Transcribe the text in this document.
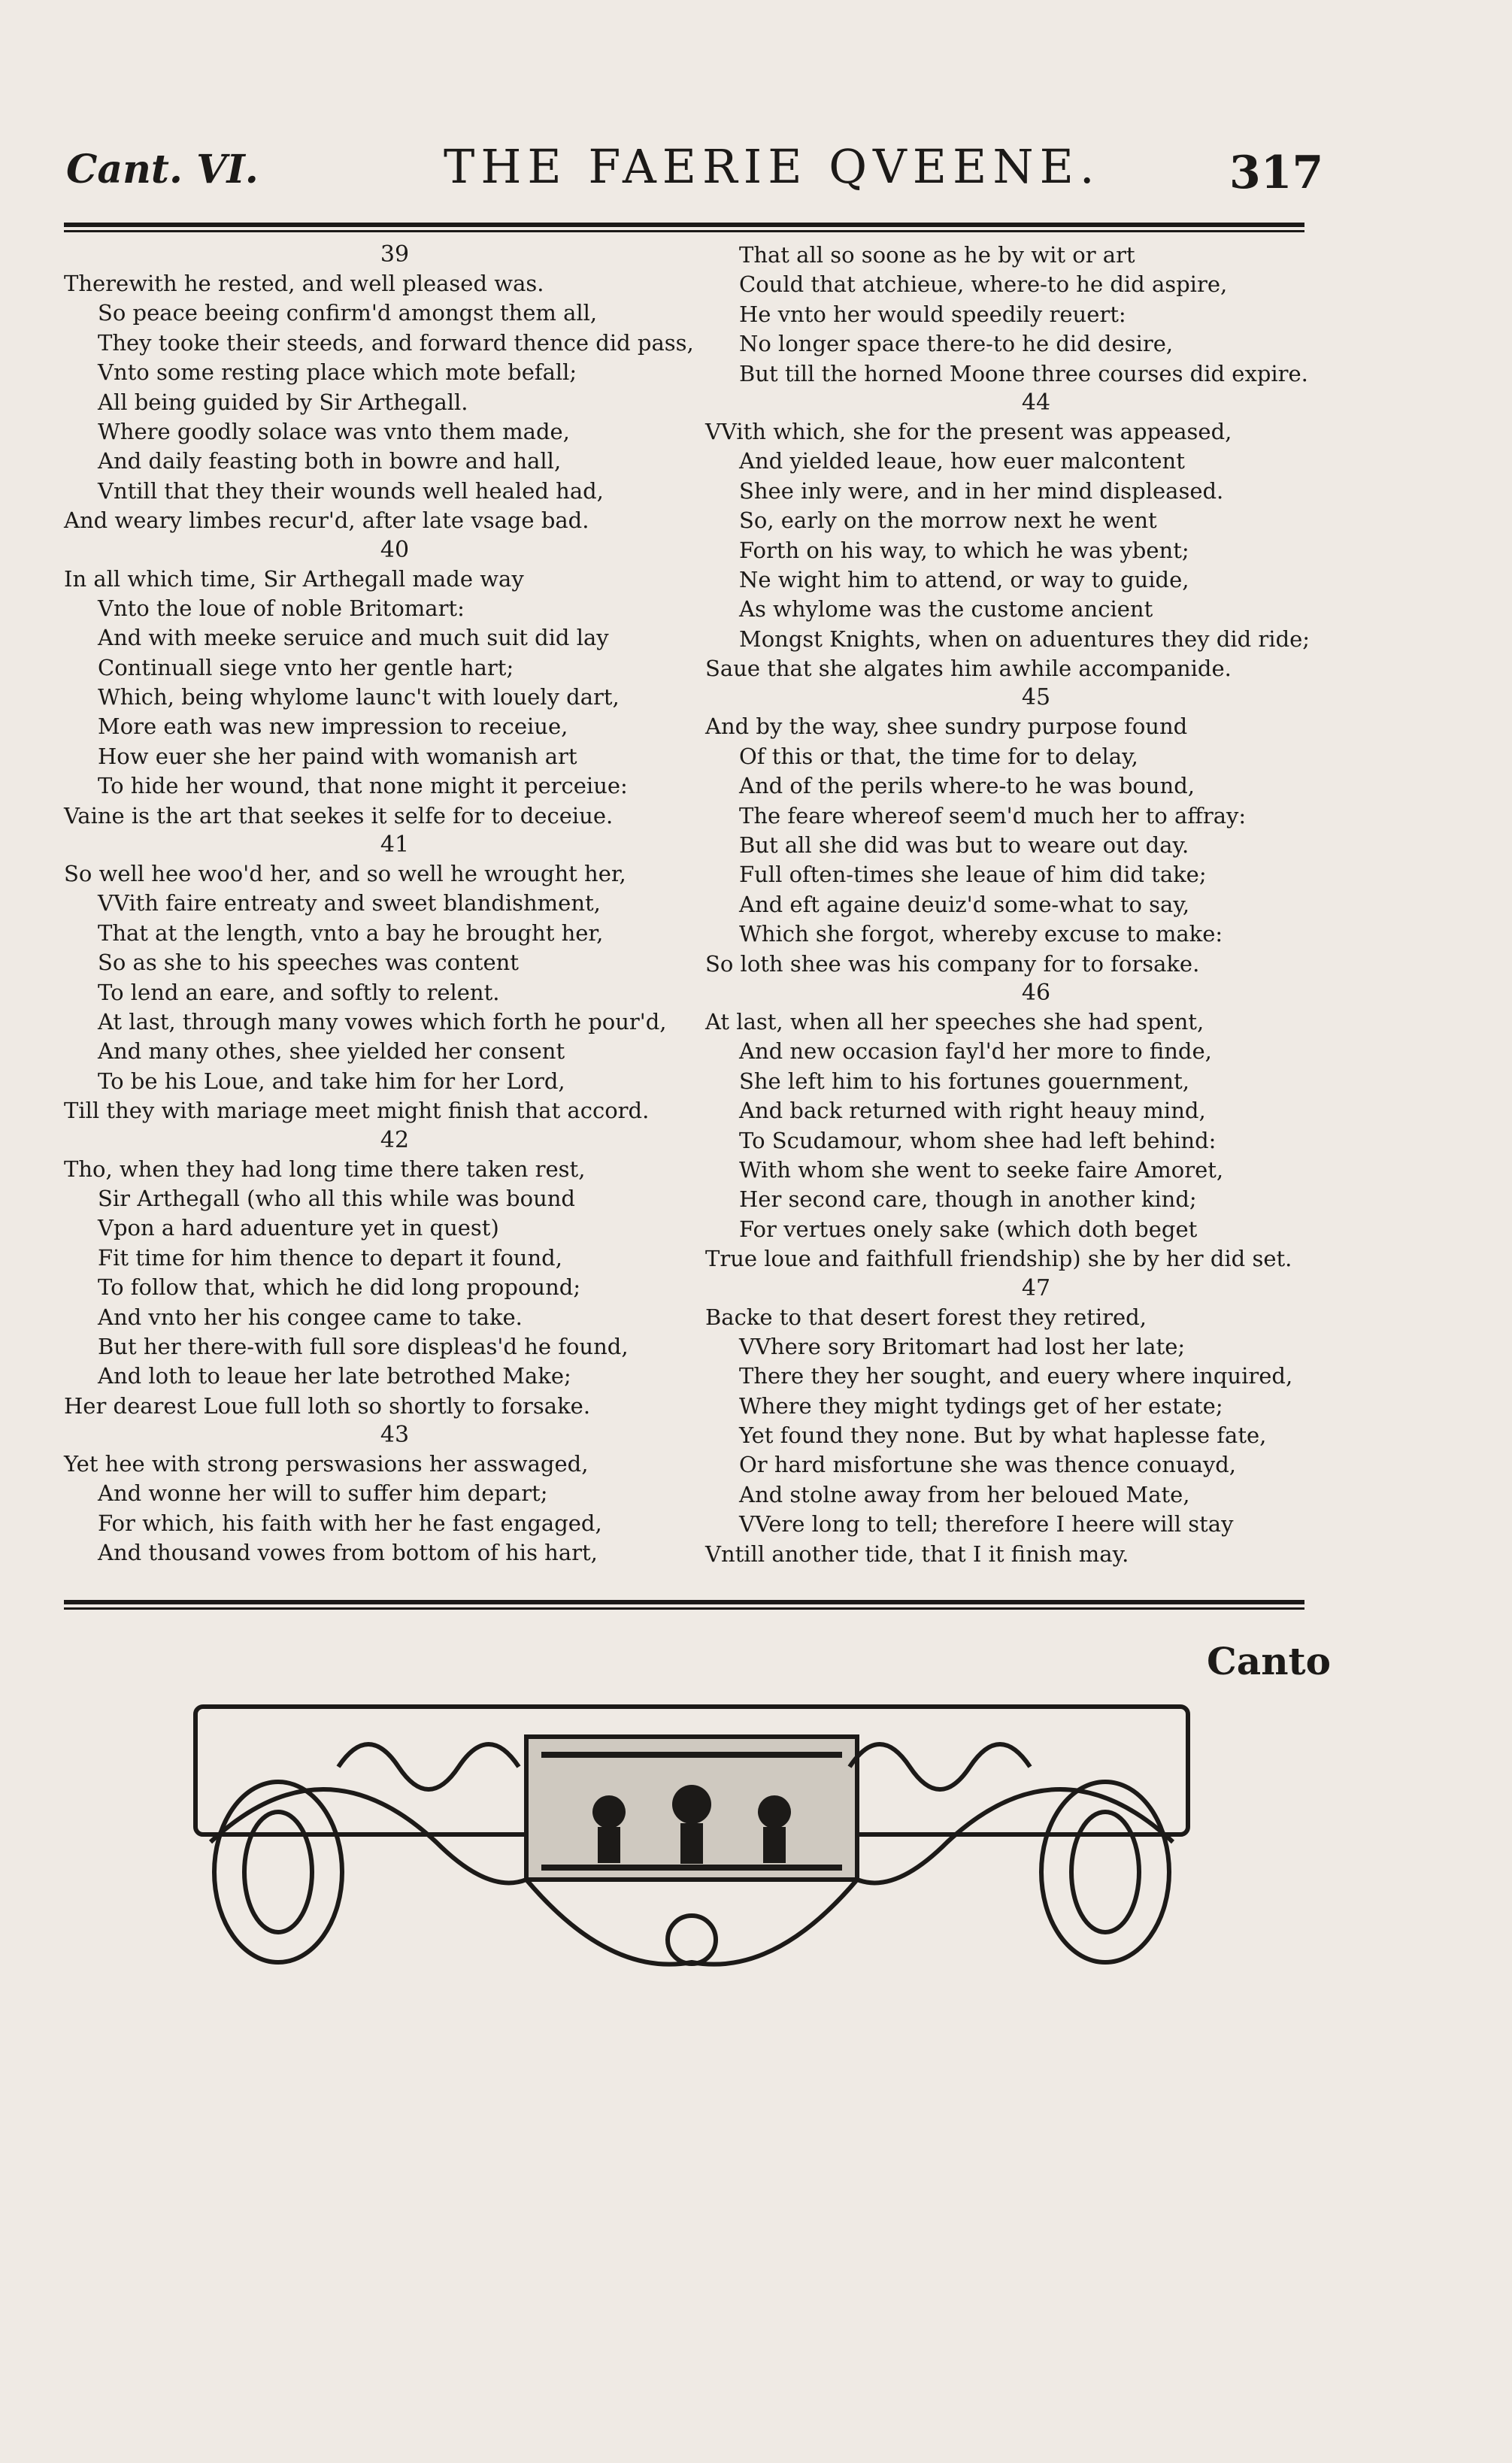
Cant. VI.	THE FAERIE QVEENE.	317
39
Therewith he rested, and well pleased was.
So peace beeing confirm'd amongst them all,
They tooke their steeds, and forward thence did pass,
Vnto some resting place which mote befall;
All being guided by Sir Arthegall.
Where goodly solace was vnto them made,
And daily feasting both in bowre and hall,
Vntill that they their wounds well healed had,
And weary limbes recur'd, after late vsage bad.
40
In all which time, Sir Arthegall made way
Vnto the loue of noble Britomart:
And with meeke seruice and much suit did lay
Continuall siege vnto her gentle hart;
Which, being whylome launc't with louely dart,
More eath was new impression to receiue,
How euer she her paind with womanish art
To hide her wound, that none might it perceiue:
Vaine is the art that seekes it selfe for to deceiue.
41
So well hee woo'd her, and so well he wrought her,
VVith faire entreaty and sweet blandishment,
That at the length, vnto a bay he brought her,
So as she to his speeches was content
To lend an eare, and softly to relent.
At last, through many vowes which forth he pour'd,
And many othes, shee yielded her consent
To be his Loue, and take him for her Lord,
Till they with mariage meet might finish that accord.
42
Tho, when they had long time there taken rest,
Sir Arthegall (who all this while was bound
Vpon a hard aduenture yet in quest)
Fit time for him thence to depart it found,
To follow that, which he did long propound;
And vnto her his congee came to take.
But her there-with full sore displeas'd he found,
And loth to leaue her late betrothed Make;
Her dearest Loue full loth so shortly to forsake.
43
Yet hee with strong perswasions her asswaged,
And wonne her will to suffer him depart;
For which, his faith with her he fast engaged,
And thousand vowes from bottom of his hart,
That all so soone as he by wit or art
Could that atchieue, where-to he did aspire,
He vnto her would speedily reuert:
No longer space there-to he did desire,
But till the horned Moone three courses did expire.
44
VVith which, she for the present was appeased,
And yielded leaue, how euer malcontent
Shee inly were, and in her mind displeased.
So, early on the morrow next he went
Forth on his way, to which he was ybent;
Ne wight him to attend, or way to guide,
As whylome was the custome ancient
Mongst Knights, when on aduentures they did ride;
Saue that she algates him awhile accompanide.
45
And by the way, shee sundry purpose found
Of this or that, the time for to delay,
And of the perils where-to he was bound,
The feare whereof seem'd much her to affray:
But all she did was but to weare out day.
Full often-times she leaue of him did take;
And eft againe deuiz'd some-what to say,
Which she forgot, whereby excuse to make:
So loth shee was his company for to forsake.
46
At last, when all her speeches she had spent,
And new occasion fayl'd her more to finde,
She left him to his fortunes gouernment,
And back returned with right heauy mind,
To Scudamour, whom shee had left behind:
With whom she went to seeke faire Amoret,
Her second care, though in another kind;
For vertues onely sake (which doth beget
True loue and faithfull friendship) she by her did set.
47
Backe to that desert forest they retired,
VVhere sory Britomart had lost her late;
There they her sought, and euery where inquired,
Where they might tydings get of her estate;
Yet found they none. But by what haplesse fate,
Or hard misfortune she was thence conuayd,
And stolne away from her beloued Mate,
VVere long to tell; therefore I heere will stay
Vntill another tide, that I it finish may.
Canto
